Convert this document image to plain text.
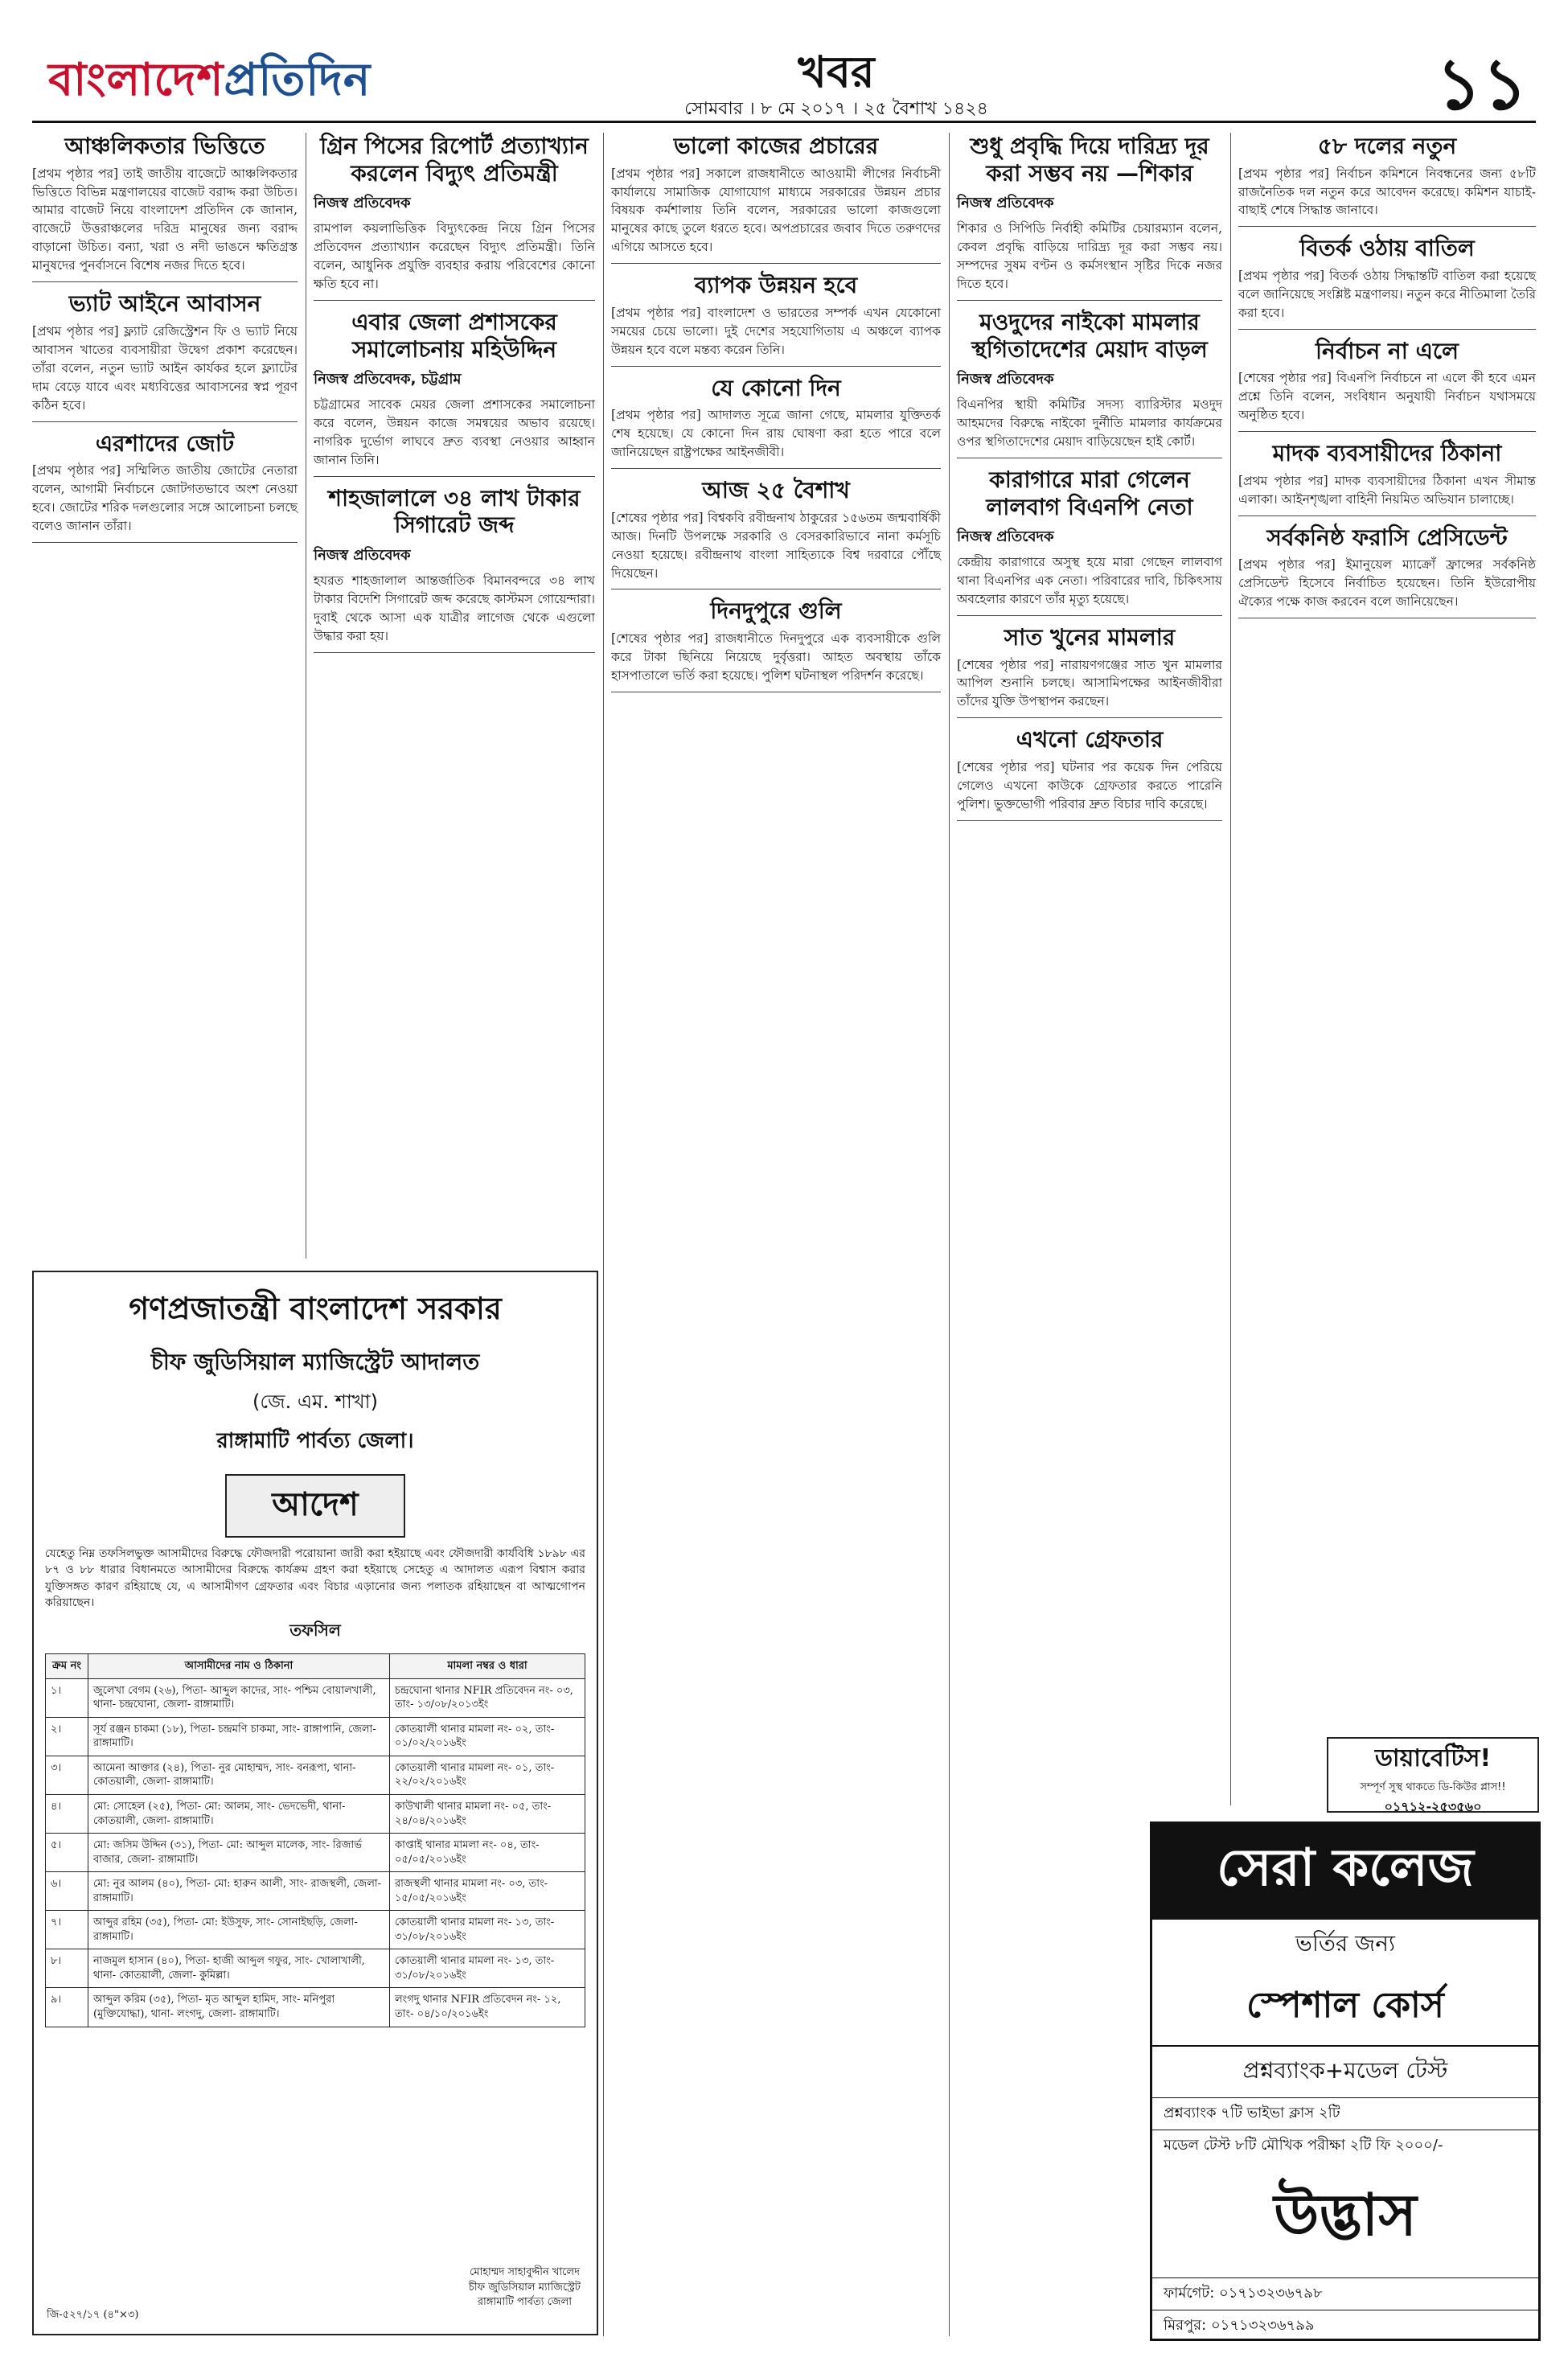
বাংলাদেশপ্রতিদিন	খবর
সোমবার । ৮ মে ২০১৭ । ২৫ বৈশাখ ১৪২৪	১১
আঞ্চলিকতার ভিত্তিতে

[প্রথম পৃষ্ঠার পর] তাই জাতীয় বাজেটে আঞ্চলিকতার ভিত্তিতে বিভিন্ন মন্ত্রণালয়ের বাজেট বরাদ্দ করা উচিত। আমার বাজেট নিয়ে বাংলাদেশ প্রতিদিন কে জানান, বাজেটে উত্তরাঞ্চলের দরিদ্র মানুষের জন্য বরাদ্দ বাড়ানো উচিত। বন্যা, খরা ও নদী ভাঙনে ক্ষতিগ্রস্ত মানুষদের পুনর্বাসনে বিশেষ নজর দিতে হবে।

ভ্যাট আইনে আবাসন

[প্রথম পৃষ্ঠার পর] ফ্ল্যাট রেজিস্ট্রেশন ফি ও ভ্যাট নিয়ে আবাসন খাতের ব্যবসায়ীরা উদ্বেগ প্রকাশ করেছেন। তাঁরা বলেন, নতুন ভ্যাট আইন কার্যকর হলে ফ্ল্যাটের দাম বেড়ে যাবে এবং মধ্যবিত্তের আবাসনের স্বপ্ন পূরণ কঠিন হবে।

এরশাদের জোট

[প্রথম পৃষ্ঠার পর] সম্মিলিত জাতীয় জোটের নেতারা বলেন, আগামী নির্বাচনে জোটগতভাবে অংশ নেওয়া হবে। জোটের শরিক দলগুলোর সঙ্গে আলোচনা চলছে বলেও জানান তাঁরা।

গ্রিন পিসের রিপোর্ট প্রত্যাখ্যান করলেন বিদ্যুৎ প্রতিমন্ত্রী
নিজস্ব প্রতিবেদক

রামপাল কয়লাভিত্তিক বিদ্যুৎকেন্দ্র নিয়ে গ্রিন পিসের প্রতিবেদন প্রত্যাখ্যান করেছেন বিদ্যুৎ প্রতিমন্ত্রী। তিনি বলেন, আধুনিক প্রযুক্তি ব্যবহার করায় পরিবেশের কোনো ক্ষতি হবে না।

এবার জেলা প্রশাসকের সমালোচনায় মহিউদ্দিন
নিজস্ব প্রতিবেদক, চট্টগ্রাম

চট্টগ্রামের সাবেক মেয়র জেলা প্রশাসকের সমালোচনা করে বলেন, উন্নয়ন কাজে সমন্বয়ের অভাব রয়েছে। নাগরিক দুর্ভোগ লাঘবে দ্রুত ব্যবস্থা নেওয়ার আহ্বান জানান তিনি।

শাহজালালে ৩৪ লাখ টাকার সিগারেট জব্দ
নিজস্ব প্রতিবেদক

হযরত শাহজালাল আন্তর্জাতিক বিমানবন্দরে ৩৪ লাখ টাকার বিদেশি সিগারেট জব্দ করেছে কাস্টমস গোয়েন্দারা। দুবাই থেকে আসা এক যাত্রীর লাগেজ থেকে এগুলো উদ্ধার করা হয়।

ভালো কাজের প্রচারের

[প্রথম পৃষ্ঠার পর] সকালে রাজধানীতে আওয়ামী লীগের নির্বাচনী কার্যালয়ে সামাজিক যোগাযোগ মাধ্যমে সরকারের উন্নয়ন প্রচার বিষয়ক কর্মশালায় তিনি বলেন, সরকারের ভালো কাজগুলো মানুষের কাছে তুলে ধরতে হবে। অপপ্রচারের জবাব দিতে তরুণদের এগিয়ে আসতে হবে।

ব্যাপক উন্নয়ন হবে

[প্রথম পৃষ্ঠার পর] বাংলাদেশ ও ভারতের সম্পর্ক এখন যেকোনো সময়ের চেয়ে ভালো। দুই দেশের সহযোগিতায় এ অঞ্চলে ব্যাপক উন্নয়ন হবে বলে মন্তব্য করেন তিনি।

যে কোনো দিন

[প্রথম পৃষ্ঠার পর] আদালত সূত্রে জানা গেছে, মামলার যুক্তিতর্ক শেষ হয়েছে। যে কোনো দিন রায় ঘোষণা করা হতে পারে বলে জানিয়েছেন রাষ্ট্রপক্ষের আইনজীবী।

আজ ২৫ বৈশাখ

[শেষের পৃষ্ঠার পর] বিশ্বকবি রবীন্দ্রনাথ ঠাকুরের ১৫৬তম জন্মবার্ষিকী আজ। দিনটি উপলক্ষে সরকারি ও বেসরকারিভাবে নানা কর্মসূচি নেওয়া হয়েছে। রবীন্দ্রনাথ বাংলা সাহিত্যকে বিশ্ব দরবারে পৌঁছে দিয়েছেন।

দিনদুপুরে গুলি

[শেষের পৃষ্ঠার পর] রাজধানীতে দিনদুপুরে এক ব্যবসায়ীকে গুলি করে টাকা ছিনিয়ে নিয়েছে দুর্বৃত্তরা। আহত অবস্থায় তাঁকে হাসপাতালে ভর্তি করা হয়েছে। পুলিশ ঘটনাস্থল পরিদর্শন করেছে।

শুধু প্রবৃদ্ধি দিয়ে দারিদ্র্য দূর করা সম্ভব নয় —শিকার
নিজস্ব প্রতিবেদক

শিকার ও সিপিডি নির্বাহী কমিটির চেয়ারম্যান বলেন, কেবল প্রবৃদ্ধি বাড়িয়ে দারিদ্র্য দূর করা সম্ভব নয়। সম্পদের সুষম বণ্টন ও কর্মসংস্থান সৃষ্টির দিকে নজর দিতে হবে।

মওদুদের নাইকো মামলার স্থগিতাদেশের মেয়াদ বাড়ল
নিজস্ব প্রতিবেদক

বিএনপির স্থায়ী কমিটির সদস্য ব্যারিস্টার মওদুদ আহমদের বিরুদ্ধে নাইকো দুর্নীতি মামলার কার্যক্রমের ওপর স্থগিতাদেশের মেয়াদ বাড়িয়েছেন হাই কোর্ট।

কারাগারে মারা গেলেন লালবাগ বিএনপি নেতা
নিজস্ব প্রতিবেদক

কেন্দ্রীয় কারাগারে অসুস্থ হয়ে মারা গেছেন লালবাগ থানা বিএনপির এক নেতা। পরিবারের দাবি, চিকিৎসায় অবহেলার কারণে তাঁর মৃত্যু হয়েছে।

সাত খুনের মামলার

[শেষের পৃষ্ঠার পর] নারায়ণগঞ্জের সাত খুন মামলার আপিল শুনানি চলছে। আসামিপক্ষের আইনজীবীরা তাঁদের যুক্তি উপস্থাপন করছেন।

এখনো গ্রেফতার

[শেষের পৃষ্ঠার পর] ঘটনার পর কয়েক দিন পেরিয়ে গেলেও এখনো কাউকে গ্রেফতার করতে পারেনি পুলিশ। ভুক্তভোগী পরিবার দ্রুত বিচার দাবি করেছে।

৫৮ দলের নতুন

[প্রথম পৃষ্ঠার পর] নির্বাচন কমিশনে নিবন্ধনের জন্য ৫৮টি রাজনৈতিক দল নতুন করে আবেদন করেছে। কমিশন যাচাই-বাছাই শেষে সিদ্ধান্ত জানাবে।

বিতর্ক ওঠায় বাতিল

[প্রথম পৃষ্ঠার পর] বিতর্ক ওঠায় সিদ্ধান্তটি বাতিল করা হয়েছে বলে জানিয়েছে সংশ্লিষ্ট মন্ত্রণালয়। নতুন করে নীতিমালা তৈরি করা হবে।

নির্বাচন না এলে

[শেষের পৃষ্ঠার পর] বিএনপি নির্বাচনে না এলে কী হবে এমন প্রশ্নে তিনি বলেন, সংবিধান অনুযায়ী নির্বাচন যথাসময়ে অনুষ্ঠিত হবে।

মাদক ব্যবসায়ীদের ঠিকানা

[প্রথম পৃষ্ঠার পর] মাদক ব্যবসায়ীদের ঠিকানা এখন সীমান্ত এলাকা। আইনশৃঙ্খলা বাহিনী নিয়মিত অভিযান চালাচ্ছে।

সর্বকনিষ্ঠ ফরাসি প্রেসিডেন্ট

[প্রথম পৃষ্ঠার পর] ইমানুয়েল ম্যাক্রোঁ ফ্রান্সের সর্বকনিষ্ঠ প্রেসিডেন্ট হিসেবে নির্বাচিত হয়েছেন। তিনি ইউরোপীয় ঐক্যের পক্ষে কাজ করবেন বলে জানিয়েছেন।

গণপ্রজাতন্ত্রী বাংলাদেশ সরকার
চীফ জুডিসিয়াল ম্যাজিস্ট্রেট আদালত
(জে. এম. শাখা)
রাঙ্গামাটি পার্বত্য জেলা।
আদেশ
যেহেতু নিম্ন তফসিলভুক্ত আসামীদের বিরুদ্ধে ফৌজদারী পরোয়ানা জারী করা হইয়াছে এবং ফৌজদারী কার্যবিধি ১৮৯৮ এর ৮৭ ও ৮৮ ধারার বিধানমতে আসামীদের বিরুদ্ধে কার্যক্রম গ্রহণ করা হইয়াছে সেহেতু এ আদালত এরূপ বিশ্বাস করার যুক্তিসঙ্গত কারণ রহিয়াছে যে, এ আসামীগণ গ্রেফতার এবং বিচার এড়ানোর জন্য পলাতক রহিয়াছেন বা আত্মগোপন করিয়াছেন।
তফসিল
ক্রম নং	আসামীদের নাম ও ঠিকানা	মামলা নম্বর ও ধারা
১।	জুলেখা বেগম (২৬), পিতা- আব্দুল কাদের, সাং- পশ্চিম বোয়ালখালী, থানা- চন্দ্রঘোনা, জেলা- রাঙ্গামাটি।	চন্দ্রঘোনা থানার NFIR প্রতিবেদন নং- ০৩, তাং- ১৩/০৮/২০১৩ইং
২।	সূর্য রঞ্জন চাকমা (১৮), পিতা- চন্দ্রমণি চাকমা, সাং- রাঙ্গাপানি, জেলা- রাঙ্গামাটি।	কোতয়ালী থানার মামলা নং- ০২, তাং- ০১/০২/২০১৬ইং
৩।	আমেনা আক্তার (২৪), পিতা- নুর মোহাম্মদ, সাং- বনরূপা, থানা- কোতয়ালী, জেলা- রাঙ্গামাটি।	কোতয়ালী থানার মামলা নং- ০১, তাং- ২২/০২/২০১৬ইং
৪।	মো: সোহেল (২৫), পিতা- মো: আলম, সাং- ভেদভেদী, থানা- কোতয়ালী, জেলা- রাঙ্গামাটি।	কাউখালী থানার মামলা নং- ০৫, তাং- ২৪/০৪/২০১৬ইং
৫।	মো: জসিম উদ্দিন (৩১), পিতা- মো: আব্দুল মালেক, সাং- রিজার্ভ বাজার, জেলা- রাঙ্গামাটি।	কাপ্তাই থানার মামলা নং- ০৪, তাং- ০৫/০৫/২০১৬ইং
৬।	মো: নুর আলম (৪০), পিতা- মো: হারুন আলী, সাং- রাজস্থলী, জেলা- রাঙ্গামাটি।	রাজস্থলী থানার মামলা নং- ০৩, তাং- ১৫/০৫/২০১৬ইং
৭।	আব্দুর রহিম (৩৫), পিতা- মো: ইউসুফ, সাং- সোনাইছড়ি, জেলা- রাঙ্গামাটি।	কোতয়ালী থানার মামলা নং- ১৩, তাং- ৩১/০৮/২০১৬ইং
৮।	নাজমুল হাসান (৪০), পিতা- হাজী আব্দুল গফুর, সাং- খোলাখালী, থানা- কোতয়ালী, জেলা- কুমিল্লা।	কোতয়ালী থানার মামলা নং- ১৩, তাং- ৩১/০৮/২০১৬ইং
৯।	আব্দুল করিম (৩৫), পিতা- মৃত আব্দুল হামিদ, সাং- মনিপুরা (মুক্তিযোদ্ধা), থানা- লংগদু, জেলা- রাঙ্গামাটি।	লংগদু থানার NFIR প্রতিবেদন নং- ১২, তাং- ০৪/১০/২০১৬ইং
মোহাম্মদ সাহাবুদ্দীন খালেদ
চীফ জুডিসিয়াল ম্যাজিস্ট্রেট
রাঙ্গামাটি পার্বত্য জেলা
জি-৫২৭/১৭ (৪"×৩)
ডায়াবেটিস!
সম্পূর্ণ সুস্থ থাকতে ডি-কিউর প্লাস!!
০১৭১২-২৫৩৫৬০
সেরা কলেজ
ভর্তির জন্য
স্পেশাল কোর্স
প্রশ্নব্যাংক+মডেল টেস্ট
প্রশ্নব্যাংক ৭টি ভাইভা ক্লাস ২টি
মডেল টেস্ট ৮টি মৌখিক পরীক্ষা ২টি ফি ২০০০/-
উদ্ভাস
ফার্মগেট: ০১৭১৩২৩৬৭৯৮
মিরপুর: ০১৭১৩২৩৬৭৯৯
